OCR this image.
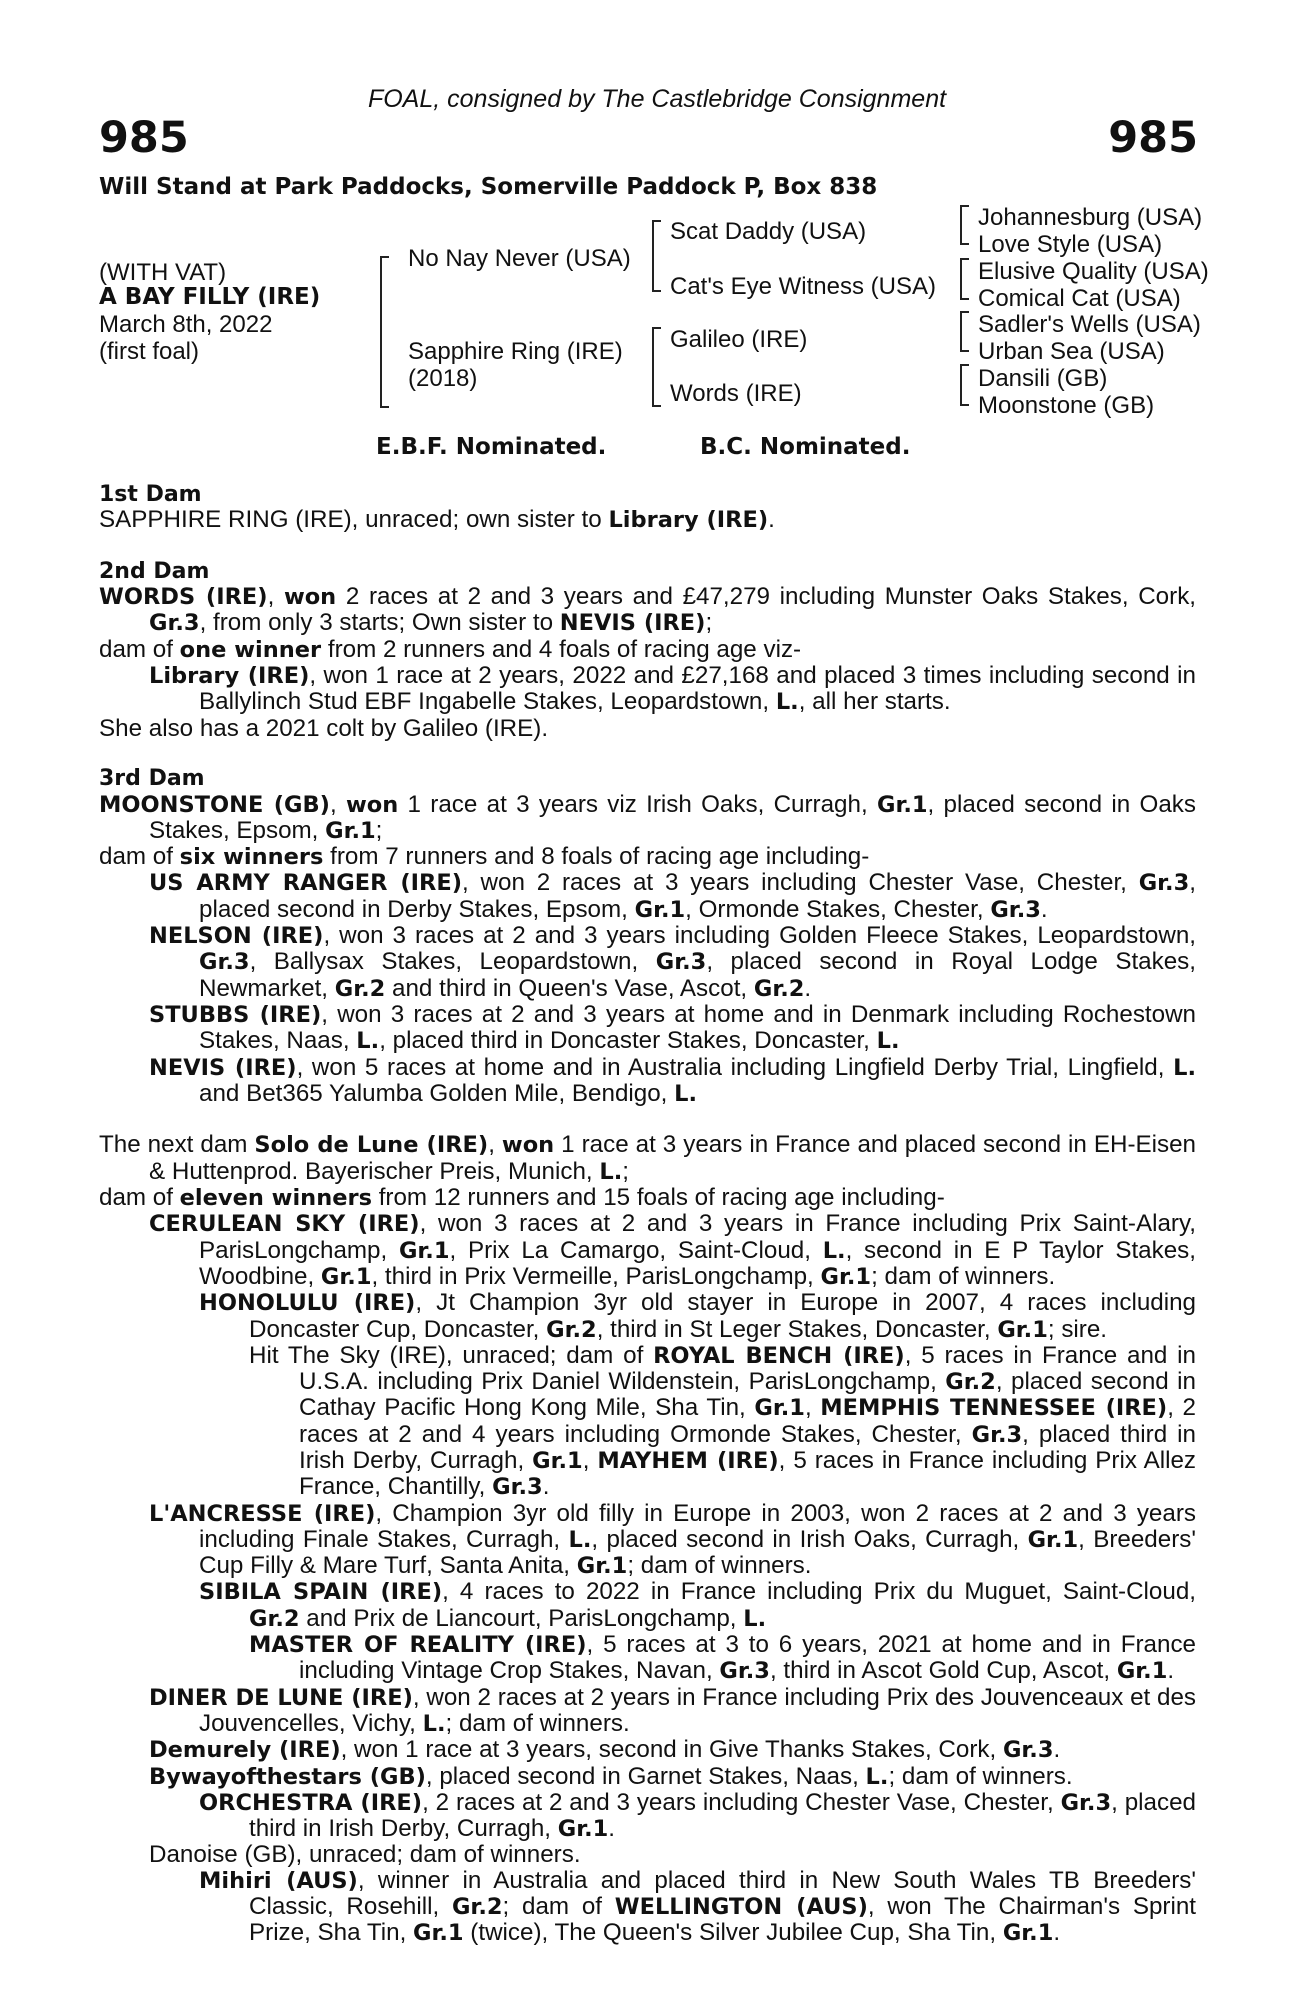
FOAL, consigned by The Castlebridge Consignment
985	985
Will Stand at Park Paddocks, Somerville Paddock P, Box 838
(WITH VAT)
A BAY FILLY (IRE)
March 8th, 2022
(first foal)
No Nay Never (USA)
Sapphire Ring (IRE)
(2018)
Scat Daddy (USA)
Cat's Eye Witness (USA)
Galileo (IRE)
Words (IRE)
Johannesburg (USA)
Love Style (USA)
Elusive Quality (USA)
Comical Cat (USA)
Sadler's Wells (USA)
Urban Sea (USA)
Dansili (GB)
Moonstone (GB)
E.B.F. Nominated.	B.C. Nominated.
1st Dam
SAPPHIRE RING (IRE), unraced; own sister to Library (IRE).
2nd Dam
WORDS (IRE), won 2 races at 2 and 3 years and £47,279 including Munster Oaks Stakes, Cork, Gr.3, from only 3 starts; Own sister to NEVIS (IRE);
dam of one winner from 2 runners and 4 foals of racing age viz-
Library (IRE), won 1 race at 2 years, 2022 and £27,168 and placed 3 times including second in Ballylinch Stud EBF Ingabelle Stakes, Leopardstown, L., all her starts.
She also has a 2021 colt by Galileo (IRE).
3rd Dam
MOONSTONE (GB), won 1 race at 3 years viz Irish Oaks, Curragh, Gr.1, placed second in Oaks Stakes, Epsom, Gr.1;
dam of six winners from 7 runners and 8 foals of racing age including-
US ARMY RANGER (IRE), won 2 races at 3 years including Chester Vase, Chester, Gr.3, placed second in Derby Stakes, Epsom, Gr.1, Ormonde Stakes, Chester, Gr.3.
NELSON (IRE), won 3 races at 2 and 3 years including Golden Fleece Stakes, Leopardstown, Gr.3, Ballysax Stakes, Leopardstown, Gr.3, placed second in Royal Lodge Stakes, Newmarket, Gr.2 and third in Queen's Vase, Ascot, Gr.2.
STUBBS (IRE), won 3 races at 2 and 3 years at home and in Denmark including Rochestown Stakes, Naas, L., placed third in Doncaster Stakes, Doncaster, L.
NEVIS (IRE), won 5 races at home and in Australia including Lingfield Derby Trial, Lingfield, L. and Bet365 Yalumba Golden Mile, Bendigo, L.
The next dam Solo de Lune (IRE), won 1 race at 3 years in France and placed second in EH-Eisen & Huttenprod. Bayerischer Preis, Munich, L.;
dam of eleven winners from 12 runners and 15 foals of racing age including-
CERULEAN SKY (IRE), won 3 races at 2 and 3 years in France including Prix Saint-Alary, ParisLongchamp, Gr.1, Prix La Camargo, Saint-Cloud, L., second in E P Taylor Stakes, Woodbine, Gr.1, third in Prix Vermeille, ParisLongchamp, Gr.1; dam of winners.
HONOLULU (IRE), Jt Champion 3yr old stayer in Europe in 2007, 4 races including Doncaster Cup, Doncaster, Gr.2, third in St Leger Stakes, Doncaster, Gr.1; sire.
Hit The Sky (IRE), unraced; dam of ROYAL BENCH (IRE), 5 races in France and in U.S.A. including Prix Daniel Wildenstein, ParisLongchamp, Gr.2, placed second in Cathay Pacific Hong Kong Mile, Sha Tin, Gr.1, MEMPHIS TENNESSEE (IRE), 2 races at 2 and 4 years including Ormonde Stakes, Chester, Gr.3, placed third in Irish Derby, Curragh, Gr.1, MAYHEM (IRE), 5 races in France including Prix Allez France, Chantilly, Gr.3.
L'ANCRESSE (IRE), Champion 3yr old filly in Europe in 2003, won 2 races at 2 and 3 years including Finale Stakes, Curragh, L., placed second in Irish Oaks, Curragh, Gr.1, Breeders' Cup Filly & Mare Turf, Santa Anita, Gr.1; dam of winners.
SIBILA SPAIN (IRE), 4 races to 2022 in France including Prix du Muguet, Saint-Cloud, Gr.2 and Prix de Liancourt, ParisLongchamp, L.
MASTER OF REALITY (IRE), 5 races at 3 to 6 years, 2021 at home and in France including Vintage Crop Stakes, Navan, Gr.3, third in Ascot Gold Cup, Ascot, Gr.1.
DINER DE LUNE (IRE), won 2 races at 2 years in France including Prix des Jouvenceaux et des Jouvencelles, Vichy, L.; dam of winners.
Demurely (IRE), won 1 race at 3 years, second in Give Thanks Stakes, Cork, Gr.3.
Bywayofthestars (GB), placed second in Garnet Stakes, Naas, L.; dam of winners.
ORCHESTRA (IRE), 2 races at 2 and 3 years including Chester Vase, Chester, Gr.3, placed third in Irish Derby, Curragh, Gr.1.
Danoise (GB), unraced; dam of winners.
Mihiri (AUS), winner in Australia and placed third in New South Wales TB Breeders' Classic, Rosehill, Gr.2; dam of WELLINGTON (AUS), won The Chairman's Sprint Prize, Sha Tin, Gr.1 (twice), The Queen's Silver Jubilee Cup, Sha Tin, Gr.1.
